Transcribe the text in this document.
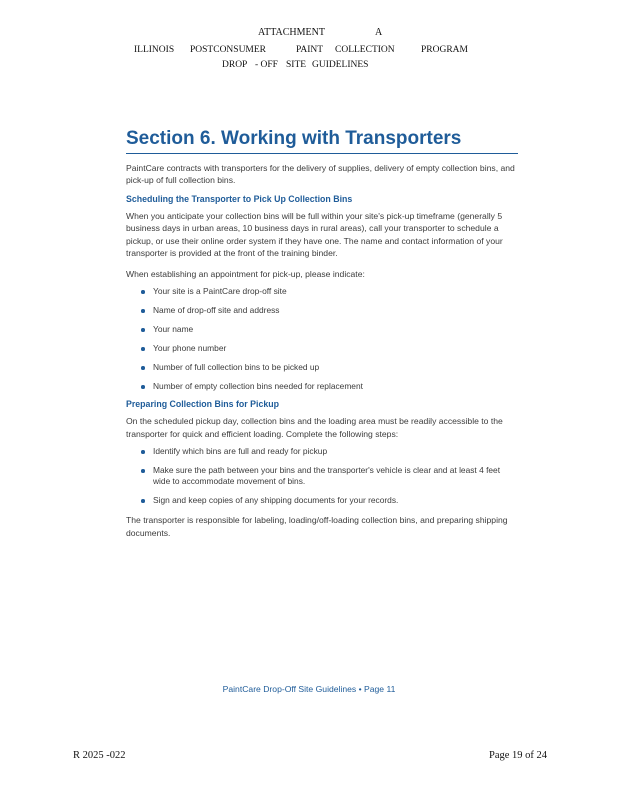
ATTACHMENT	A
ILLINOIS POSTCONSUMER	PAINT COLLECTION	PROGRAM
DROP - OFF SITE GUIDELINES
Section 6. Working with Transporters

PaintCare contracts with transporters for the delivery of supplies, delivery of empty collection bins, and pick-up of full collection bins.

Scheduling the Transporter to Pick Up Collection Bins

When you anticipate your collection bins will be full within your site's pick-up timeframe (generally 5 business days in urban areas, 10 business days in rural areas), call your transporter to schedule a pickup, or use their online order system if they have one. The name and contact information of your transporter is provided at the front of the training binder.

When establishing an appointment for pick-up, please indicate:

Your site is a PaintCare drop-off site
Name of drop-off site and address
Your name
Your phone number
Number of full collection bins to be picked up
Number of empty collection bins needed for replacement

Preparing Collection Bins for Pickup

On the scheduled pickup day, collection bins and the loading area must be readily accessible to the transporter for quick and efficient loading. Complete the following steps:

Identify which bins are full and ready for pickup
Make sure the path between your bins and the transporter's vehicle is clear and at least 4 feet wide to accommodate movement of bins.
Sign and keep copies of any shipping documents for your records.

The transporter is responsible for labeling, loading/off-loading collection bins, and preparing shipping documents.

PaintCare Drop-Off Site Guidelines • Page 11
R 2025 -022	Page 19 of 24
